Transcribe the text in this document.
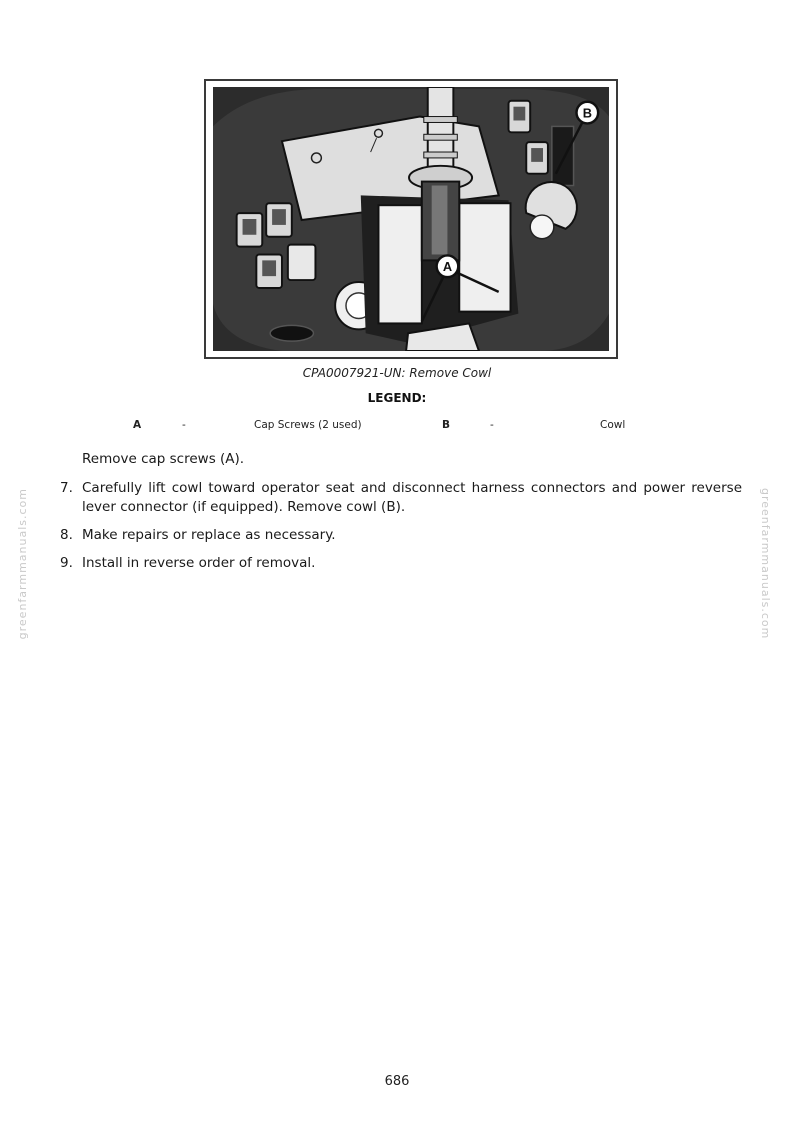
A
B
CPA0007921-UN: Remove Cowl
LEGEND:
A	-	Cap Screws (2 used)	B	-	Cowl
Remove cap screws (A).
7. Carefully lift cowl toward operator seat and disconnect harness connectors and power reverse lever connector (if equipped). Remove cowl (B).
8. Make repairs or replace as necessary.
9. Install in reverse order of removal.
greenfarmmanuals.com	greenfarmmanuals.com
686
